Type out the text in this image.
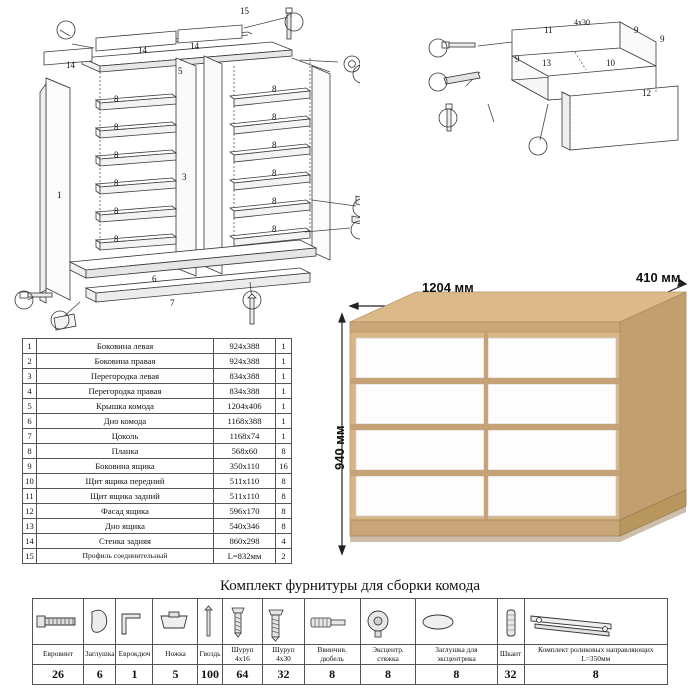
15
14	14
14
5
1
3
6
7
8
8
8
8
8
8
8
8
8
8
8
8
11
4х30
9
9
9	13	10
12
1	Боковина левая	924х388	1
2	Боковина правая	924х388	1
3	Перегородка левая	834х388	1
4	Перегородка правая	834х388	1
5	Крышка комода	1204х406	1
6	Дно комода	1168х388	1
7	Цоколь	1168х74	1
8	Планка	568х60	8
9	Боковина ящика	350х110	16
10	Щит ящика передний	511х110	8
11	Щит ящика задний	511х110	8
12	Фасад ящика	596х170	8
13	Дно ящика	540х346	8
14	Стенка задняя	860х298	4
15	Профиль соединительный	L=832мм	2
1204 мм
410 мм
940 мм
Комплект фурнитуры для сборки комода

Евровинт	Заглушка	Еврокдюч	Ножка	Гвоздь	Шуруп 4х16	Шуруп 4х30	Ввинчив. дюбель	Эксцентр. стяжка	Заглушка для эксцентрика	Шкант	Комплект роликовых направляющих L=350мм
26	6	1	5	100	64	32	8	8	8	32	8
